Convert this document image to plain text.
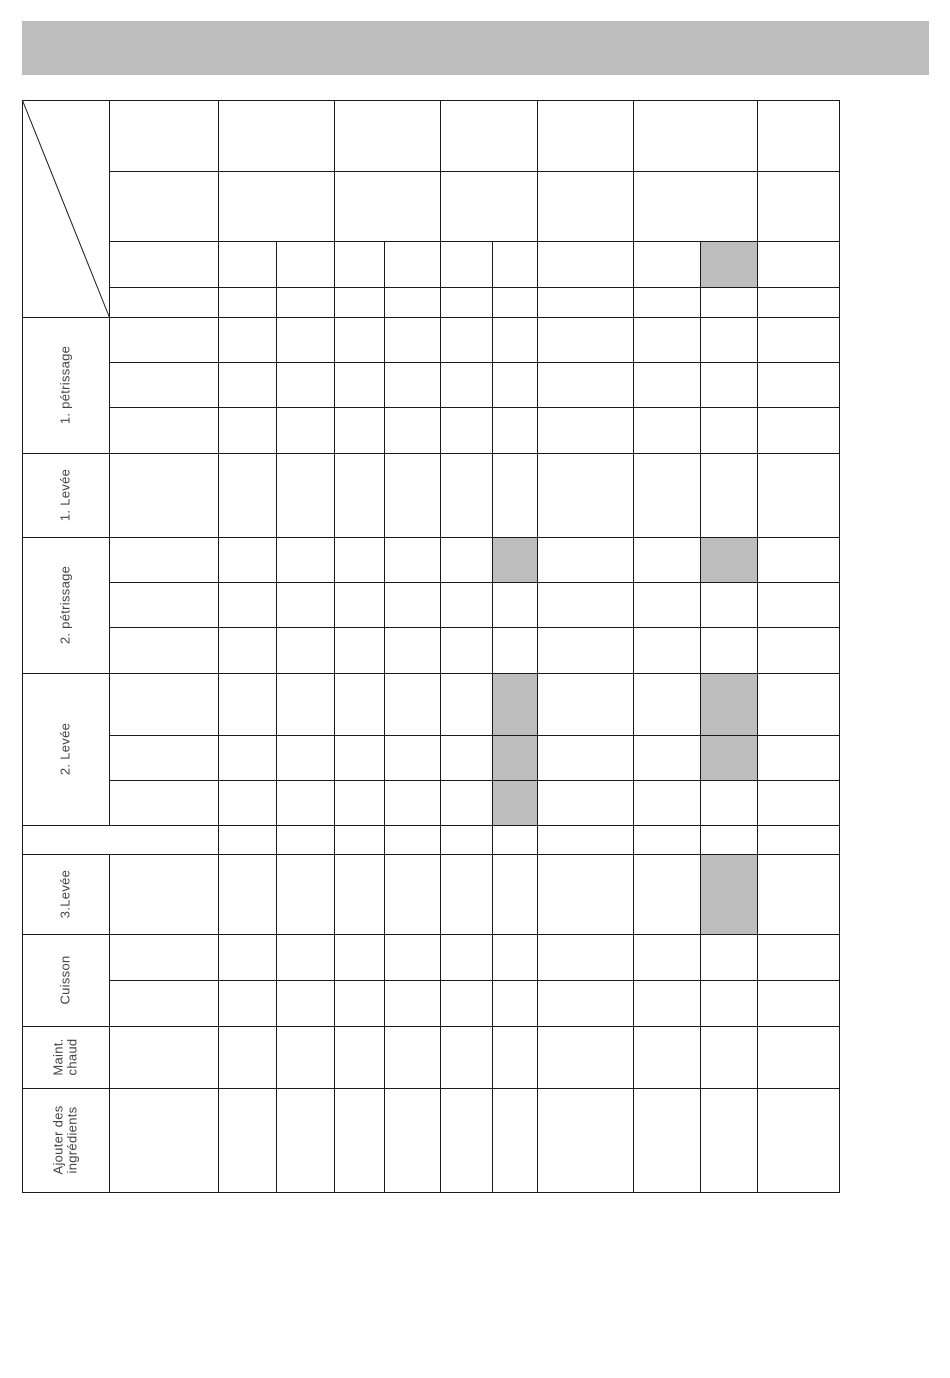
1. pétrissage
1. Levée
2. pétrissage
2. Levée
3.Levée
Cuisson
Maint. chaud
Ajouter des ingrédients
